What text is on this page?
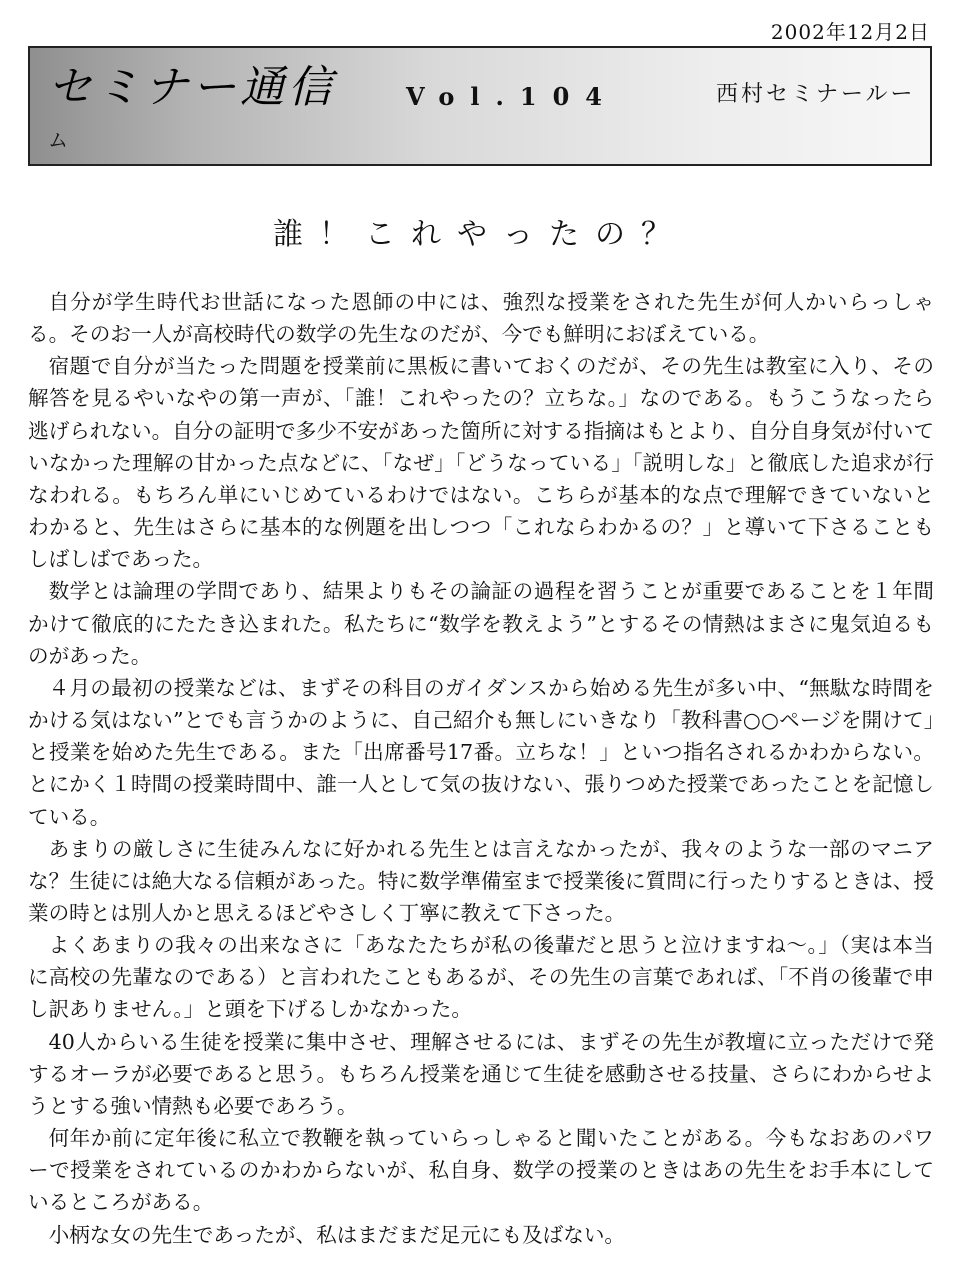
2002年12月2日
セミナー通信	Vol.104	西村セミナールー
ム
誰！これやったの？

自分が学生時代お世話になった恩師の中には、強烈な授業をされた先生が何人かいらっしゃる。そのお一人が高校時代の数学の先生なのだが、今でも鮮明におぼえている。

宿題で自分が当たった問題を授業前に黒板に書いておくのだが、その先生は教室に入り、その解答を見るやいなやの第一声が、「誰！これやったの？立ちな。」なのである。もうこうなったら逃げられない。自分の証明で多少不安があった箇所に対する指摘はもとより、自分自身気が付いていなかった理解の甘かった点などに、「なぜ」「どうなっている」「説明しな」と徹底した追求が行なわれる。もちろん単にいじめているわけではない。こちらが基本的な点で理解できていないとわかると、先生はさらに基本的な例題を出しつつ「これならわかるの？」と導いて下さることもしばしばであった。

数学とは論理の学問であり、結果よりもその論証の過程を習うことが重要であることを１年間かけて徹底的にたたき込まれた。私たちに“数学を教えよう”とするその情熱はまさに鬼気迫るものがあった。

４月の最初の授業などは、まずその科目のガイダンスから始める先生が多い中、“無駄な時間をかける気はない”とでも言うかのように、自己紹介も無しにいきなり「教科書○○ページを開けて」と授業を始めた先生である。また「出席番号17番。立ちな！」といつ指名されるかわからない。とにかく１時間の授業時間中、誰一人として気の抜けない、張りつめた授業であったことを記憶している。

あまりの厳しさに生徒みんなに好かれる先生とは言えなかったが、我々のような一部のマニアな？生徒には絶大なる信頼があった。特に数学準備室まで授業後に質問に行ったりするときは、授業の時とは別人かと思えるほどやさしく丁寧に教えて下さった。

よくあまりの我々の出来なさに「あなたたちが私の後輩だと思うと泣けますね～。」（実は本当に高校の先輩なのである）と言われたこともあるが、その先生の言葉であれば、「不肖の後輩で申し訳ありません。」と頭を下げるしかなかった。

40人からいる生徒を授業に集中させ、理解させるには、まずその先生が教壇に立っただけで発するオーラが必要であると思う。もちろん授業を通じて生徒を感動させる技量、さらにわからせようとする強い情熱も必要であろう。

何年か前に定年後に私立で教鞭を執っていらっしゃると聞いたことがある。今もなおあのパワーで授業をされているのかわからないが、私自身、数学の授業のときはあの先生をお手本にしているところがある。

小柄な女の先生であったが、私はまだまだ足元にも及ばない。
